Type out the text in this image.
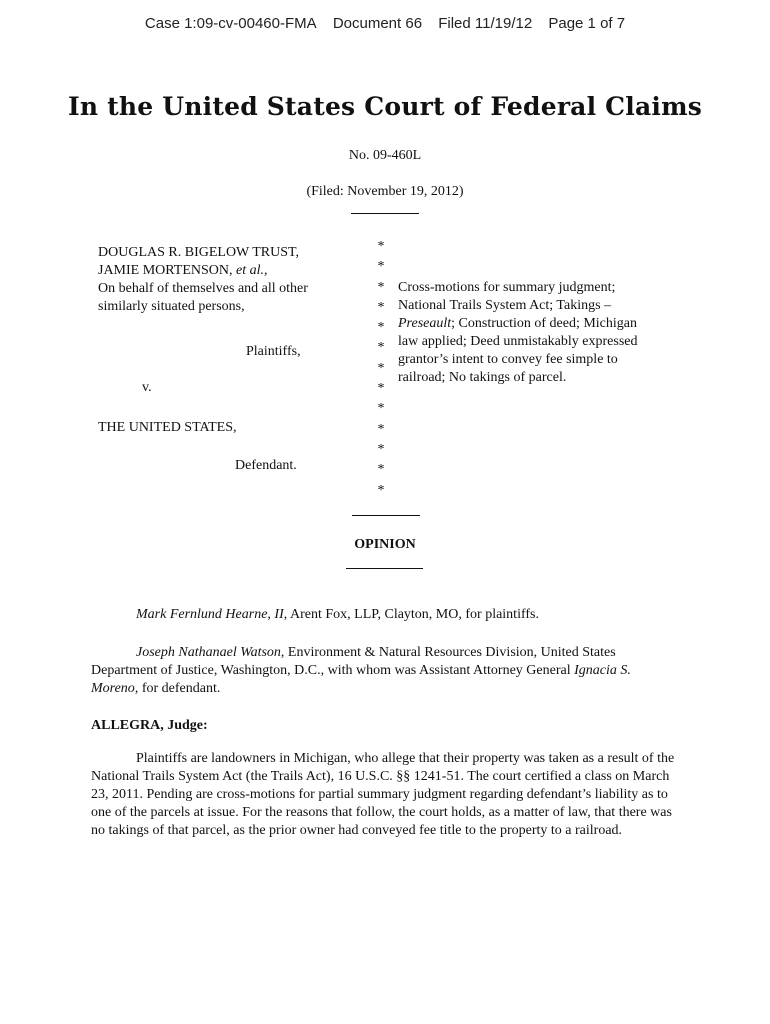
Case 1:09-cv-00460-FMA Document 66 Filed 11/19/12 Page 1 of 7
In the United States Court of Federal Claims
No. 09-460L
(Filed: November 19, 2012)
DOUGLAS R. BIGELOW TRUST,
JAMIE MORTENSON, et al.,
On behalf of themselves and all other
similarly situated persons,
Plaintiffs,
v.
THE UNITED STATES,
Defendant.
*
*
*
*
*
*
*
*
*
*
*
*
*
Cross-motions for summary judgment;
National Trails System Act; Takings –
Preseault; Construction of deed; Michigan
law applied; Deed unmistakably expressed
grantor’s intent to convey fee simple to
railroad; No takings of parcel.
OPINION
Mark Fernlund Hearne, II, Arent Fox, LLP, Clayton, MO, for plaintiffs.
Joseph Nathanael Watson, Environment & Natural Resources Division, United States Department of Justice, Washington, D.C., with whom was Assistant Attorney General Ignacia S. Moreno, for defendant.
ALLEGRA, Judge:
Plaintiffs are landowners in Michigan, who allege that their property was taken as a result of the National Trails System Act (the Trails Act), 16 U.S.C. §§ 1241-51. The court certified a class on March 23, 2011. Pending are cross-motions for partial summary judgment regarding defendant’s liability as to one of the parcels at issue. For the reasons that follow, the court holds, as a matter of law, that there was no takings of that parcel, as the prior owner had conveyed fee title to the property to a railroad.
